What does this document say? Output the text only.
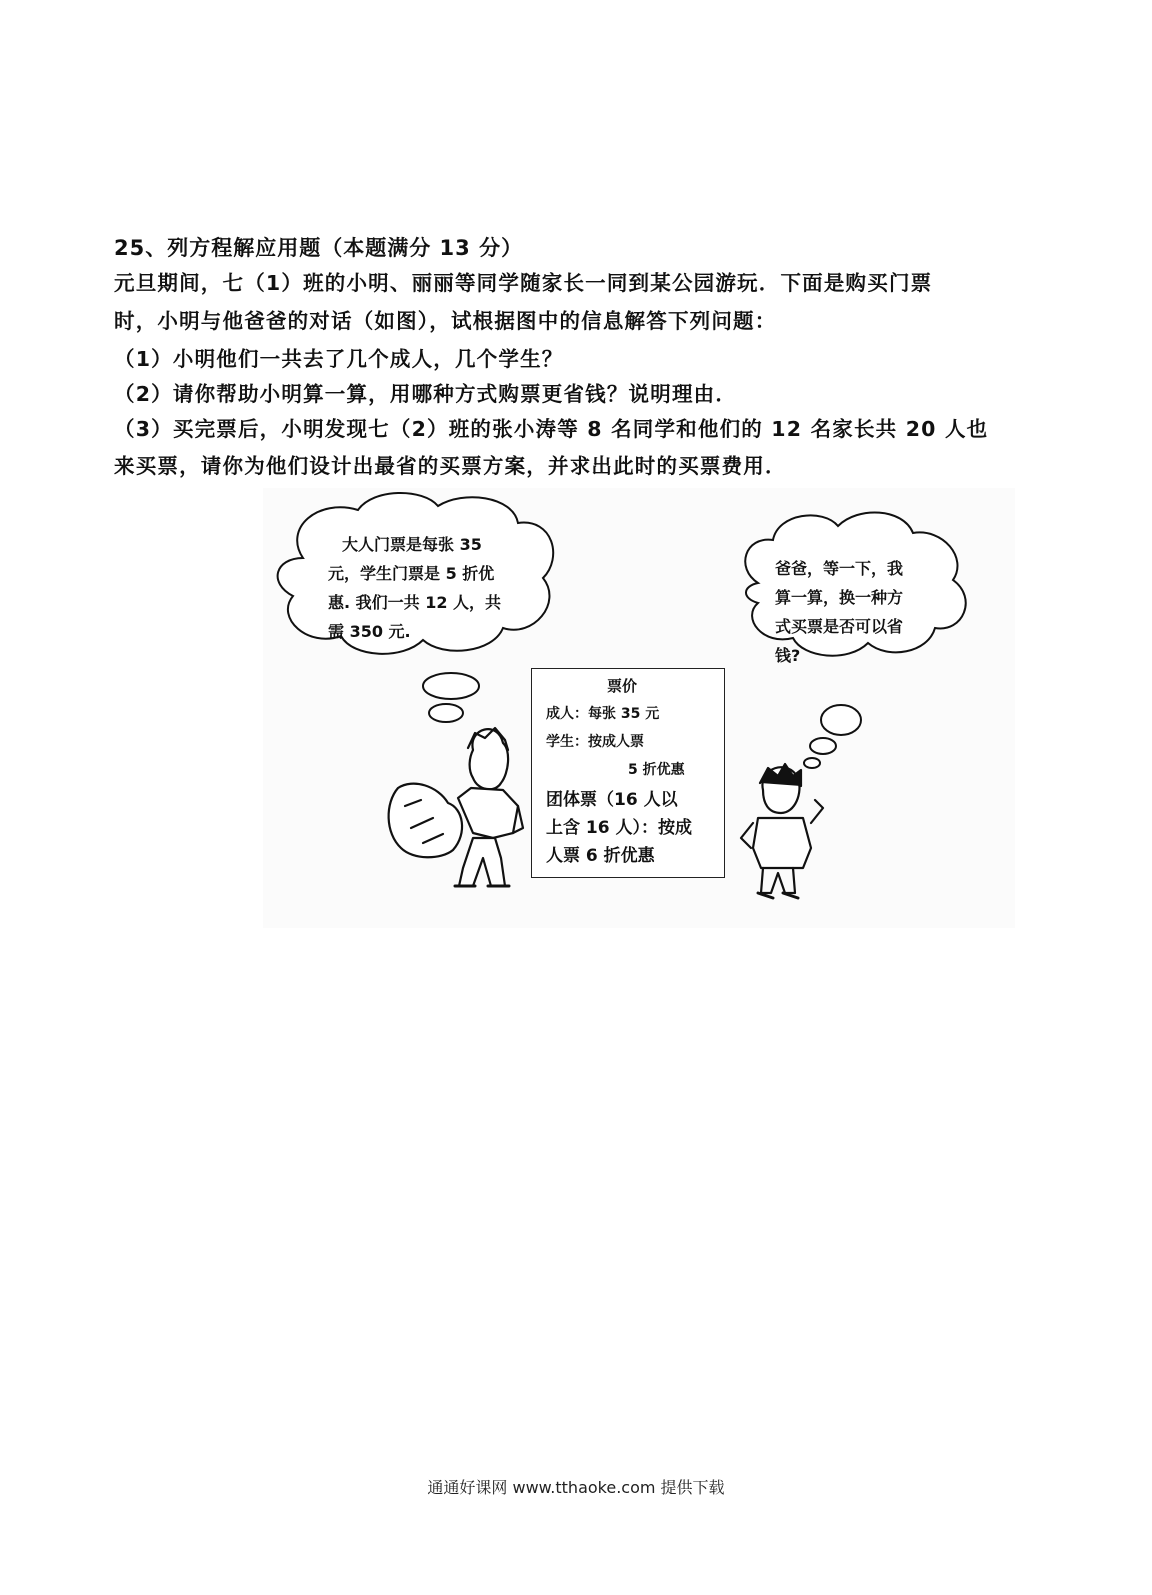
25、列方程解应用题（本题满分 13 分）
元旦期间，七（1）班的小明、丽丽等同学随家长一同到某公园游玩．下面是购买门票
时，小明与他爸爸的对话（如图），试根据图中的信息解答下列问题：
（1）小明他们一共去了几个成人，几个学生？
（2）请你帮助小明算一算，用哪种方式购票更省钱？说明理由．
（3）买完票后，小明发现七（2）班的张小涛等 8 名同学和他们的 12 名家长共 20 人也
来买票，请你为他们设计出最省的买票方案，并求出此时的买票费用．
大人门票是每张 35
元，学生门票是 5 折优
惠. 我们一共 12 人，共
需 350 元.
爸爸，等一下，我
算一算，换一种方
式买票是否可以省
钱?
票价
成人：每张 35 元
学生：按成人票
5 折优惠
团体票（16 人以
上含 16 人）：按成
人票 6 折优惠
通通好课网 www.tthaoke.com 提供下载
